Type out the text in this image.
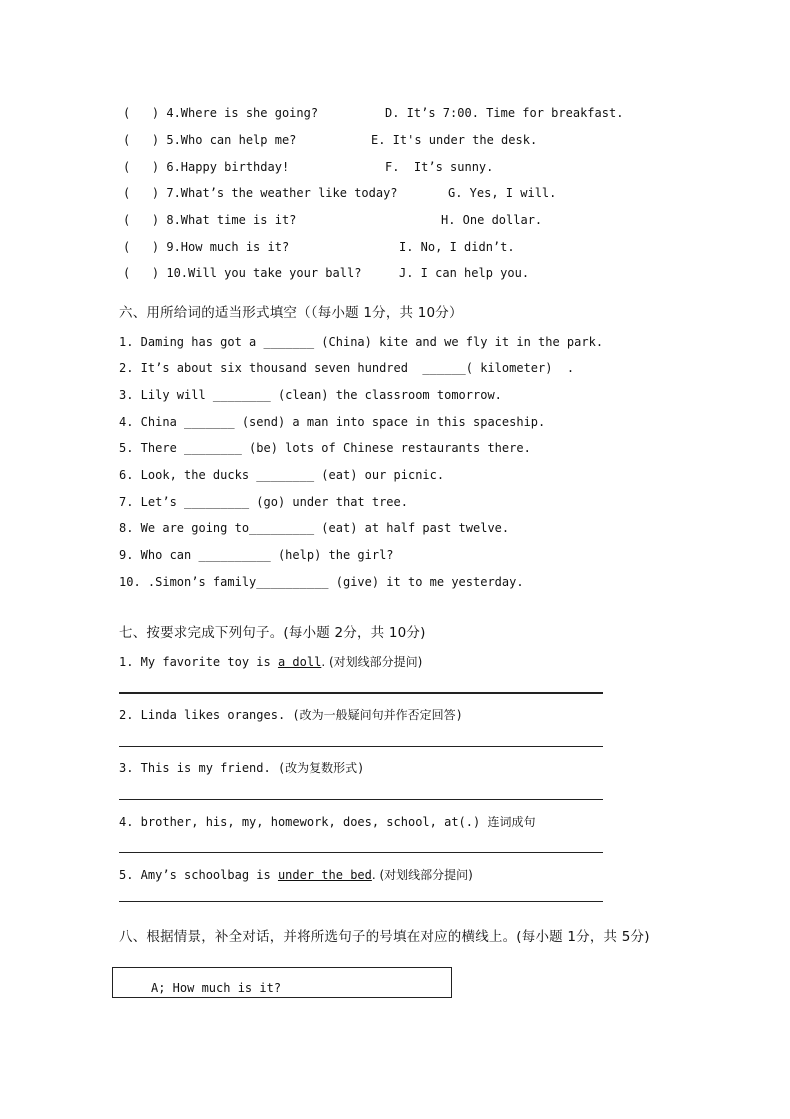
(   ) 4.Where is she going?	D. It’s 7:00. Time for breakfast.
(   ) 5.Who can help me?	E. It's under the desk.
(   ) 6.Happy birthday!	F.  It’s sunny.
(   ) 7.What’s the weather like today?	G. Yes, I will.
(   ) 8.What time is it?	H. One dollar.
(   ) 9.How much is it?	I. No, I didn’t.
(   ) 10.Will you take your ball?	J. I can help you.
六、用所给词的适当形式填空（（每小题 1分，共 10分）
1. Daming has got a _______ (China) kite and we fly it in the park.
2. It’s about six thousand seven hundred  ______( kilometer)  .
3. Lily will ________ (clean) the classroom tomorrow.
4. China _______ (send) a man into space in this spaceship.
5. There ________ (be) lots of Chinese restaurants there.
6. Look, the ducks ________ (eat) our picnic.
7. Let’s _________ (go) under that tree.
8. We are going to_________ (eat) at half past twelve.
9. Who can __________ (help) the girl?
10. .Simon’s family__________ (give) it to me yesterday.
七、按要求完成下列句子。(每小题 2分，共 10分)
1. My favorite toy is a doll. (对划线部分提问)
2. Linda likes oranges. (改为一般疑问句并作否定回答)
3. This is my friend. (改为复数形式)
4. brother, his, my, homework, does, school, at(.) 连词成句
5. Amy’s schoolbag is under the bed. (对划线部分提问)
八、根据情景，补全对话，并将所选句子的号填在对应的横线上。(每小题 1分，共 5分)
A; How much is it?
